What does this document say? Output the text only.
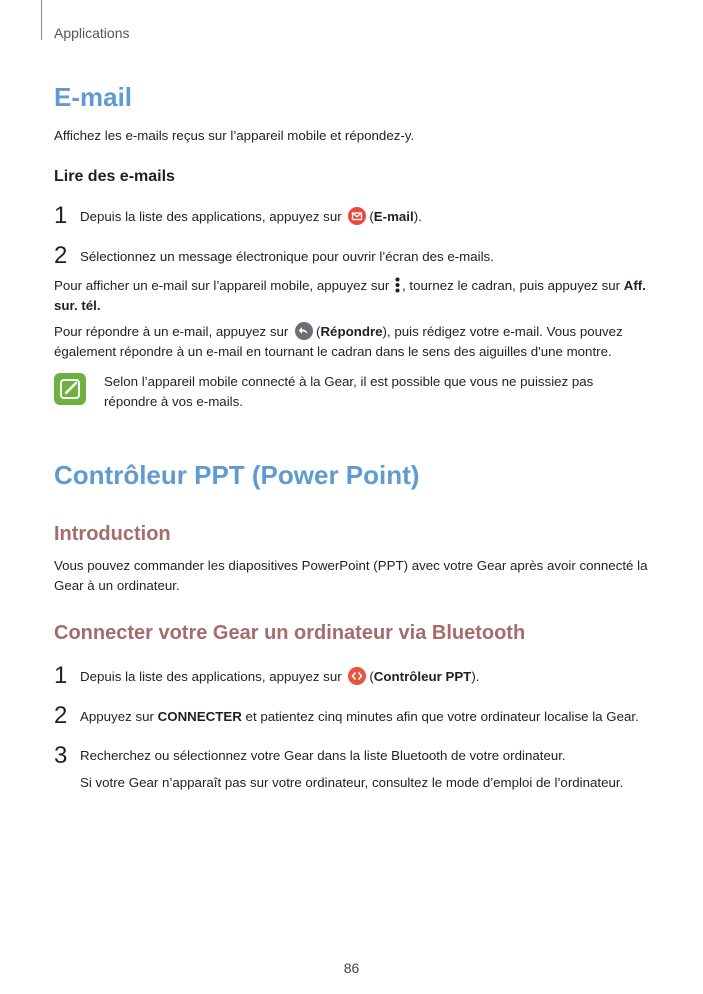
Applications
E-mail
Affichez les e-mails reçus sur l’appareil mobile et répondez-y.
Lire des e-mails
1 Depuis la liste des applications, appuyez sur (E-mail).
2 Sélectionnez un message électronique pour ouvrir l’écran des e-mails.
Pour afficher un e-mail sur l’appareil mobile, appuyez sur , tournez le cadran, puis appuyez sur Aff. sur. tél.
Pour répondre à un e-mail, appuyez sur (Répondre), puis rédigez votre e-mail. Vous pouvez également répondre à un e-mail en tournant le cadran dans le sens des aiguilles d'une montre.
Selon l’appareil mobile connecté à la Gear, il est possible que vous ne puissiez pas répondre à vos e-mails.
Contrôleur PPT (Power Point)
Introduction
Vous pouvez commander les diapositives PowerPoint (PPT) avec votre Gear après avoir connecté la Gear à un ordinateur.
Connecter votre Gear un ordinateur via Bluetooth
1 Depuis la liste des applications, appuyez sur (Contrôleur PPT).
2 Appuyez sur CONNECTER et patientez cinq minutes afin que votre ordinateur localise la Gear.
3 Recherchez ou sélectionnez votre Gear dans la liste Bluetooth de votre ordinateur.
Si votre Gear n’apparaît pas sur votre ordinateur, consultez le mode d’emploi de l’ordinateur.
86
